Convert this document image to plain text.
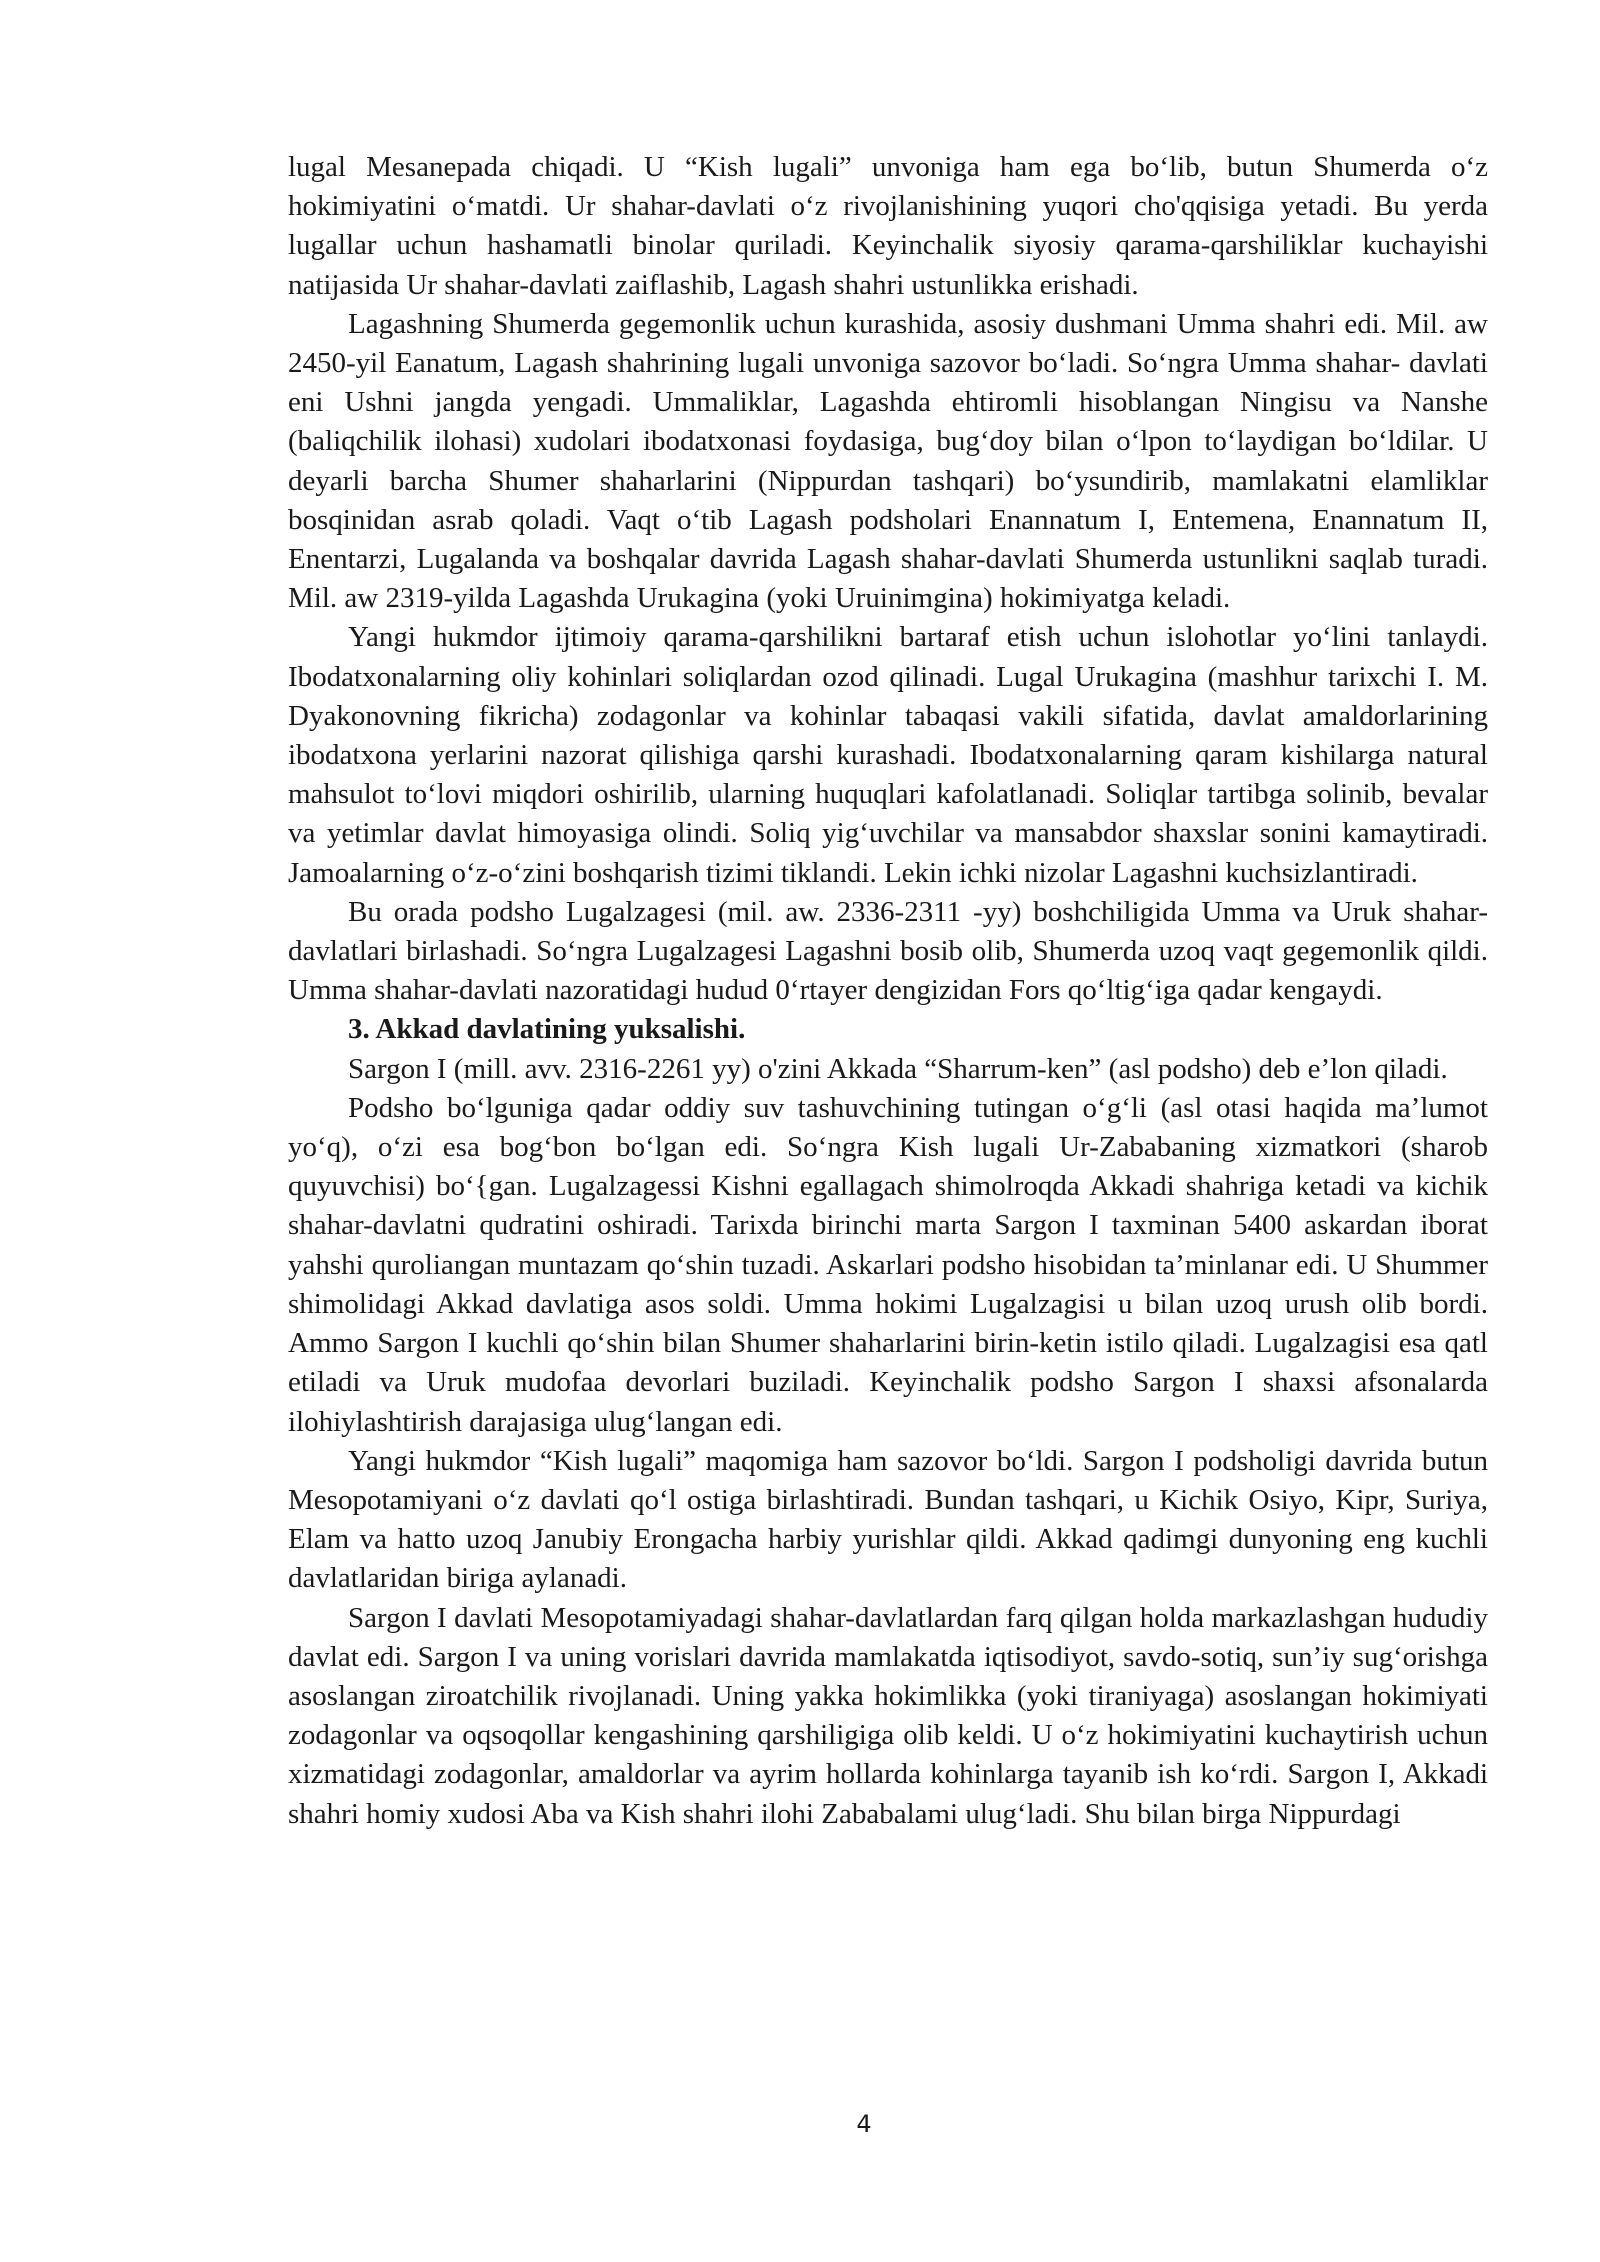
lugal Mesanepada chiqadi. U “Kish lugali” unvoniga ham ega bo‘lib, butun Shumerda o‘z hokimiyatini o‘matdi. Ur shahar-davlati o‘z rivojlanishining yuqori cho'qqisiga yetadi. Bu yerda lugallar uchun hashamatli binolar quriladi. Keyinchalik siyosiy qarama-qarshiliklar kuchayishi natijasida Ur shahar-davlati zaiflashib, Lagash shahri ustunlikka erishadi.

Lagashning Shumerda gegemonlik uchun kurashida, asosiy dushmani Umma shahri edi. Mil. aw 2450-yil Eanatum, Lagash shahrining lugali unvoniga sazovor bo‘ladi. So‘ngra Umma shahar- davlati eni Ushni jangda yengadi. Ummaliklar, Lagashda ehtiromli hisoblangan Ningisu va Nanshe (baliqchilik ilohasi) xudolari ibodatxonasi foydasiga, bug‘doy bilan o‘lpon to‘laydigan bo‘ldilar. U deyarli barcha Shumer shaharlarini (Nippurdan tashqari) bo‘ysundirib, mamlakatni elamliklar bosqinidan asrab qoladi. Vaqt o‘tib Lagash podsholari Enannatum I, Entemena, Enannatum II, Enentarzi, Lugalanda va boshqalar davrida Lagash shahar-davlati Shumerda ustunlikni saqlab turadi. Mil. aw 2319-yilda Lagashda Urukagina (yoki Uruinimgina) hokimiyatga keladi.

Yangi hukmdor ijtimoiy qarama-qarshilikni bartaraf etish uchun islohotlar yo‘lini tanlaydi. Ibodatxonalarning oliy kohinlari soliqlardan ozod qilinadi. Lugal Urukagina (mashhur tarixchi I. M. Dyakonovning fikricha) zodagonlar va kohinlar tabaqasi vakili sifatida, davlat amaldorlarining ibodatxona yerlarini nazorat qilishiga qarshi kurashadi. Ibodatxonalarning qaram kishilarga natural mahsulot to‘lovi miqdori oshirilib, ularning huquqlari kafolatlanadi. Soliqlar tartibga solinib, bevalar va yetimlar davlat himoyasiga olindi. Soliq yig‘uvchilar va mansabdor shaxslar sonini kamaytiradi. Jamoalarning o‘z-o‘zini boshqarish tizimi tiklandi. Lekin ichki nizolar Lagashni kuchsizlantiradi.

Bu orada podsho Lugalzagesi (mil. aw. 2336-2311 -yy) boshchiligida Umma va Uruk shahar-davlatlari birlashadi. So‘ngra Lugalzagesi Lagashni bosib olib, Shumerda uzoq vaqt gegemonlik qildi. Umma shahar-davlati nazoratidagi hudud 0‘rtayer dengizidan Fors qo‘ltig‘iga qadar kengaydi.

3. Akkad davlatining yuksalishi.

Sargon I (mill. avv. 2316-2261 yy) o'zini Akkada “Sharrum-ken” (asl podsho) deb e’lon qiladi.

Podsho bo‘lguniga qadar oddiy suv tashuvchining tutingan o‘g‘li (asl otasi haqida ma’lumot yo‘q), o‘zi esa bog‘bon bo‘lgan edi. So‘ngra Kish lugali Ur-Zababaning xizmatkori (sharob quyuvchisi) bo‘{gan. Lugalzagessi Kishni egallagach shimolroqda Akkadi shahriga ketadi va kichik shahar-davlatni qudratini oshiradi. Tarixda birinchi marta Sargon I taxminan 5400 askardan iborat yahshi quroliangan muntazam qo‘shin tuzadi. Askarlari podsho hisobidan ta’minlanar edi. U Shummer shimolidagi Akkad davlatiga asos soldi. Umma hokimi Lugalzagisi u bilan uzoq urush olib bordi. Ammo Sargon I kuchli qo‘shin bilan Shumer shaharlarini birin-ketin istilo qiladi. Lugalzagisi esa qatl etiladi va Uruk mudofaa devorlari buziladi. Keyinchalik podsho Sargon I shaxsi afsonalarda ilohiylashtirish darajasiga ulug‘langan edi.

Yangi hukmdor “Kish lugali” maqomiga ham sazovor bo‘ldi. Sargon I podsholigi davrida butun Mesopotamiyani o‘z davlati qo‘l ostiga birlashtiradi. Bundan tashqari, u Kichik Osiyo, Kipr, Suriya, Elam va hatto uzoq Janubiy Erongacha harbiy yurishlar qildi. Akkad qadimgi dunyoning eng kuchli davlatlaridan biriga aylanadi.

Sargon I davlati Mesopotamiyadagi shahar-davlatlardan farq qilgan holda markazlashgan hududiy davlat edi. Sargon I va uning vorislari davrida mamlakatda iqtisodiyot, savdo-sotiq, sun’iy sug‘orishga asoslangan ziroatchilik rivojlanadi. Uning yakka hokimlikka (yoki tiraniyaga) asoslangan hokimiyati zodagonlar va oqsoqollar kengashining qarshiligiga olib keldi. U o‘z hokimiyatini kuchaytirish uchun xizmatidagi zodagonlar, amaldorlar va ayrim hollarda kohinlarga tayanib ish ko‘rdi. Sargon I, Akkadi shahri homiy xudosi Aba va Kish shahri ilohi Zababalami ulug‘ladi. Shu bilan birga Nippurdagi

4
